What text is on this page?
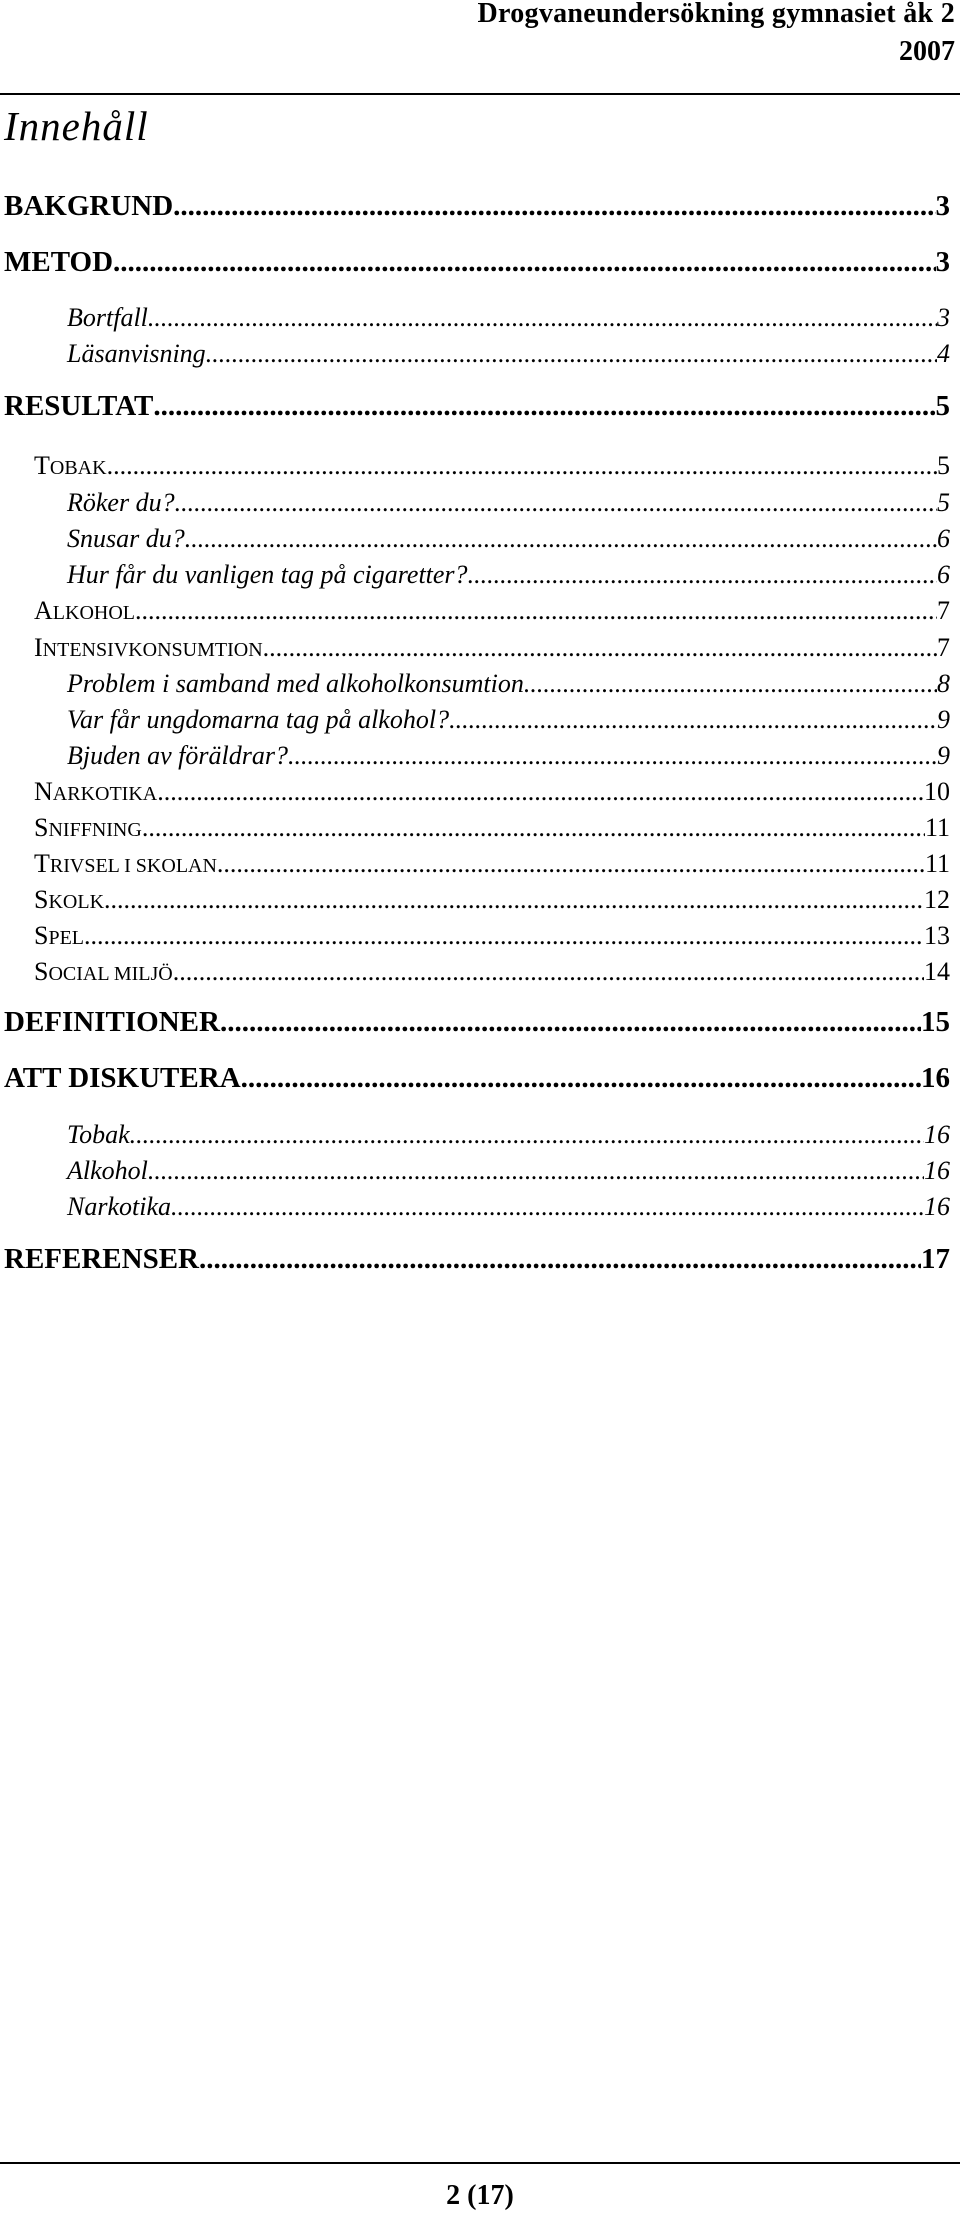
Drogvaneundersökning gymnasiet åk 2
2007
Innehåll
BAKGRUND .....	3
METOD .....	3
Bortfall .....	3
Läsanvisning .....	4
RESULTAT .....	5
TOBAK .....	5
Röker du? .....	5
Snusar du? .....	6
Hur får du vanligen tag på cigaretter? .....	6
ALKOHOL .....	7
INTENSIVKONSUMTION .....	7
Problem i samband med alkoholkonsumtion .....	8
Var får ungdomarna tag på alkohol? .....	9
Bjuden av föräldrar? .....	9
NARKOTIKA .....	10
SNIFFNING .....	11
TRIVSEL I SKOLAN .....	11
SKOLK .....	12
SPEL .....	13
SOCIAL MILJÖ .....	14
DEFINITIONER .....	15
ATT DISKUTERA .....	16
Tobak .....	16
Alkohol .....	16
Narkotika .....	16
REFERENSER .....	17
2 (17)
